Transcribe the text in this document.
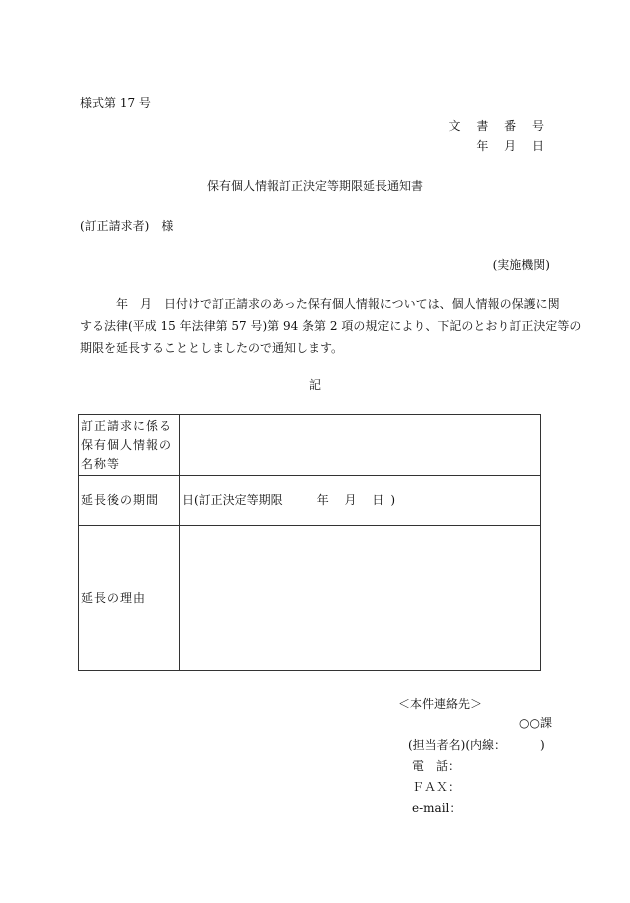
様式第 17 号
文 書 番 号
年 月 日
保有個人情報訂正決定等期限延長通知書
(訂正請求者)　様
(実施機関)
　　　年　月　日付けで訂正請求のあった保有個人情報については、個人情報の保護に関
する法律(平成 15 年法律第 57 号)第 94 条第 2 項の規定により、下記のとおり訂正決定等の
期限を延長することとしましたので通知します。
記
訂正請求に係る保有個人情報の名称等	
延長後の期間	日(訂正決定等期限 年 月 日)
延長の理由	
＜本件連絡先＞
○○課
(担当者名)(内線：	)
電　話：
ＦＡＸ：
e-mail：
